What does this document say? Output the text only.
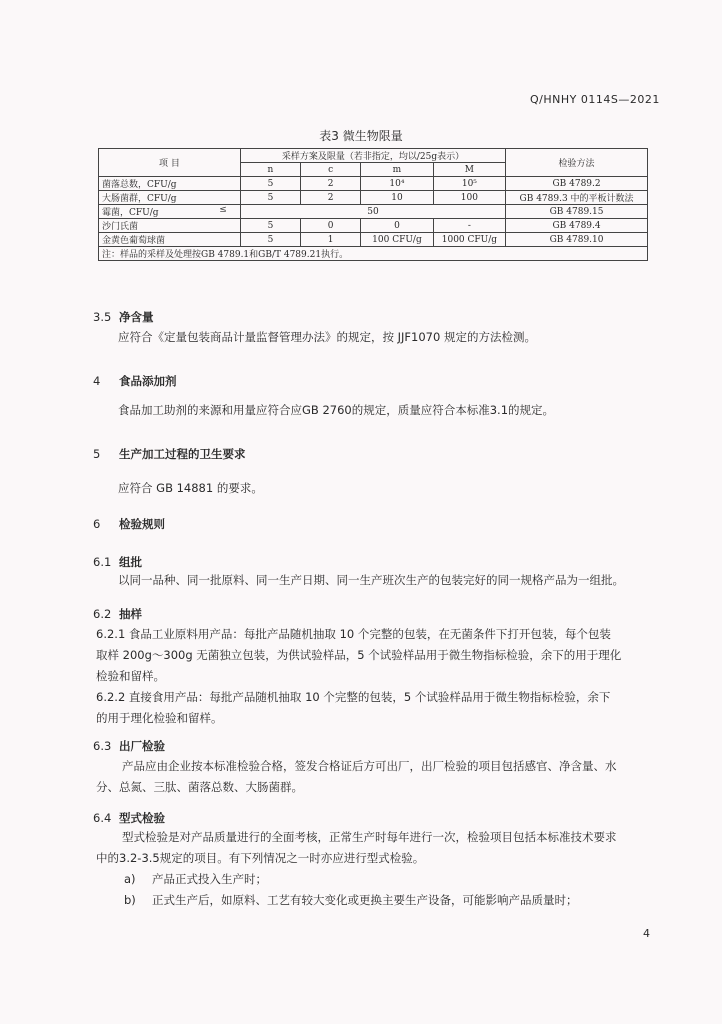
Q/HNHY 0114S—2021
表3 微生物限量
项 目	采样方案及限量（若非指定，均以/25g表示）				检验方法
	n	c	m	M	
菌落总数，CFU/g	5	2	10⁴	10⁵	GB 4789.2
大肠菌群，CFU/g	5	2	10	100	GB 4789.3 中的平板计数法
霉菌，CFU/g ≤	50				GB 4789.15
沙门氏菌	5	0	0	-	GB 4789.4
金黄色葡萄球菌	5	1	100 CFU/g	1000 CFU/g	GB 4789.10
注：样品的采样及处理按GB 4789.1和GB/T 4789.21执行。					
3.5 净含量
应符合《定量包装商品计量监督管理办法》的规定，按 JJF1070 规定的方法检测。
4 食品添加剂
食品加工助剂的来源和用量应符合应GB 2760的规定，质量应符合本标准3.1的规定。
5 生产加工过程的卫生要求
应符合 GB 14881 的要求。
6 检验规则
6.1 组批
以同一品种、同一批原料、同一生产日期、同一生产班次生产的包装完好的同一规格产品为一组批。
6.2 抽样
6.2.1 食品工业原料用产品：每批产品随机抽取 10 个完整的包装，在无菌条件下打开包装，每个包装
取样 200g～300g 无菌独立包装，为供试验样品，5 个试验样品用于微生物指标检验，余下的用于理化
检验和留样。
6.2.2 直接食用产品：每批产品随机抽取 10 个完整的包装，5 个试验样品用于微生物指标检验，余下
的用于理化检验和留样。
6.3 出厂检验
产品应由企业按本标准检验合格，签发合格证后方可出厂，出厂检验的项目包括感官、净含量、水
分、总氮、三肽、菌落总数、大肠菌群。
6.4 型式检验
型式检验是对产品质量进行的全面考核，正常生产时每年进行一次，检验项目包括本标准技术要求
中的3.2-3.5规定的项目。有下列情况之一时亦应进行型式检验。
a) 产品正式投入生产时；
b) 正式生产后，如原料、工艺有较大变化或更换主要生产设备，可能影响产品质量时；
4
